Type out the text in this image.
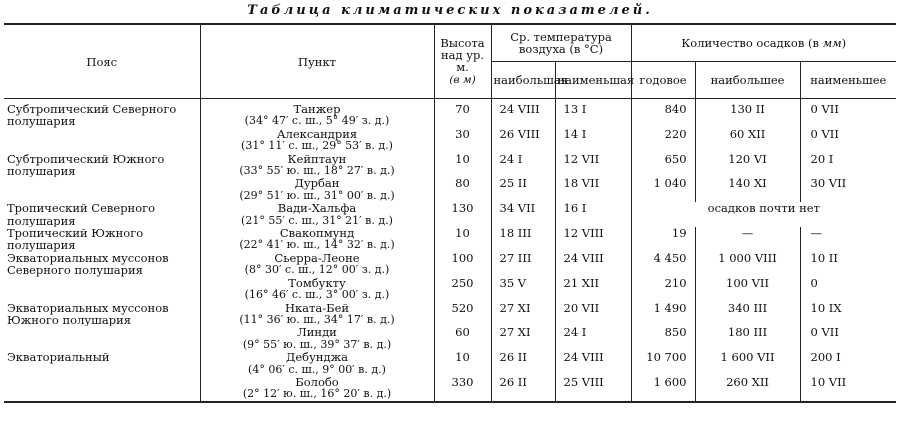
Таблица климатических показателей.
Пояс	Пункт	Высота над ур. м.
(в м)	Ср. температура воздуха (в °С)		Количество осадков (в мм)		
			наибольшая	наименьшая	годовое	наибольшее	наименьшее
Субтропический Северного полушария	Танжер
(34° 47′ с. ш., 5° 49′ з. д.)	70	24 VIII	13 I	840	130 II	0 VII

	Александрия
(31° 11′ с. ш., 29° 53′ в. д.)	30	26 VIII	14 I	220	60 XII	0 VII
Субтропический Южного полушария	Кейптаун
(33° 55′ ю. ш., 18° 27′ в. д.)	10	24 I	12 VII	650	120 VI	20 I

	Дурбан
(29° 51′ ю. ш., 31° 00′ в. д.)	80	25 II	18 VII	1 040	140 XI	30 VII
Тропический Северного полушария	Вади-Хальфа
(21° 55′ с. ш., 31° 21′ в. д.)	130	34 VII	16 I	осадков почти нет		
Тропический Южного полушария	Свакопмунд
(22° 41′ ю. ш., 14° 32′ в. д.)	10	18 III	12 VIII	19	—	—
Экваториальных муссонов Северного полушария	Сьерра-Леоне
(8° 30′ с. ш., 12° 00′ з. д.)	100	27 III	24 VIII	4 450	1 000 VIII	10 II

	Томбукту
(16° 46′ с. ш., 3° 00′ з. д.)	250	35 V	21 XII	210	100 VII	0
Экваториальных муссонов Южного полушария	Нката-Бей
(11° 36′ ю. ш., 34° 17′ в. д.)	520	27 XI	20 VII	1 490	340 III	10 IX

	Линди
(9° 55′ ю. ш., 39° 37′ в. д.)	60	27 XI	24 I	850	180 III	0 VII
Экваториальный	Дебунджа
(4° 06′ с. ш., 9° 00′ в. д.)	10	26 II	24 VIII	10 700	1 600 VII	200 I

	Болобо
(2° 12′ ю. ш., 16° 20′ в. д.)	330	26 II	25 VIII	1 600	260 XII	10 VII
